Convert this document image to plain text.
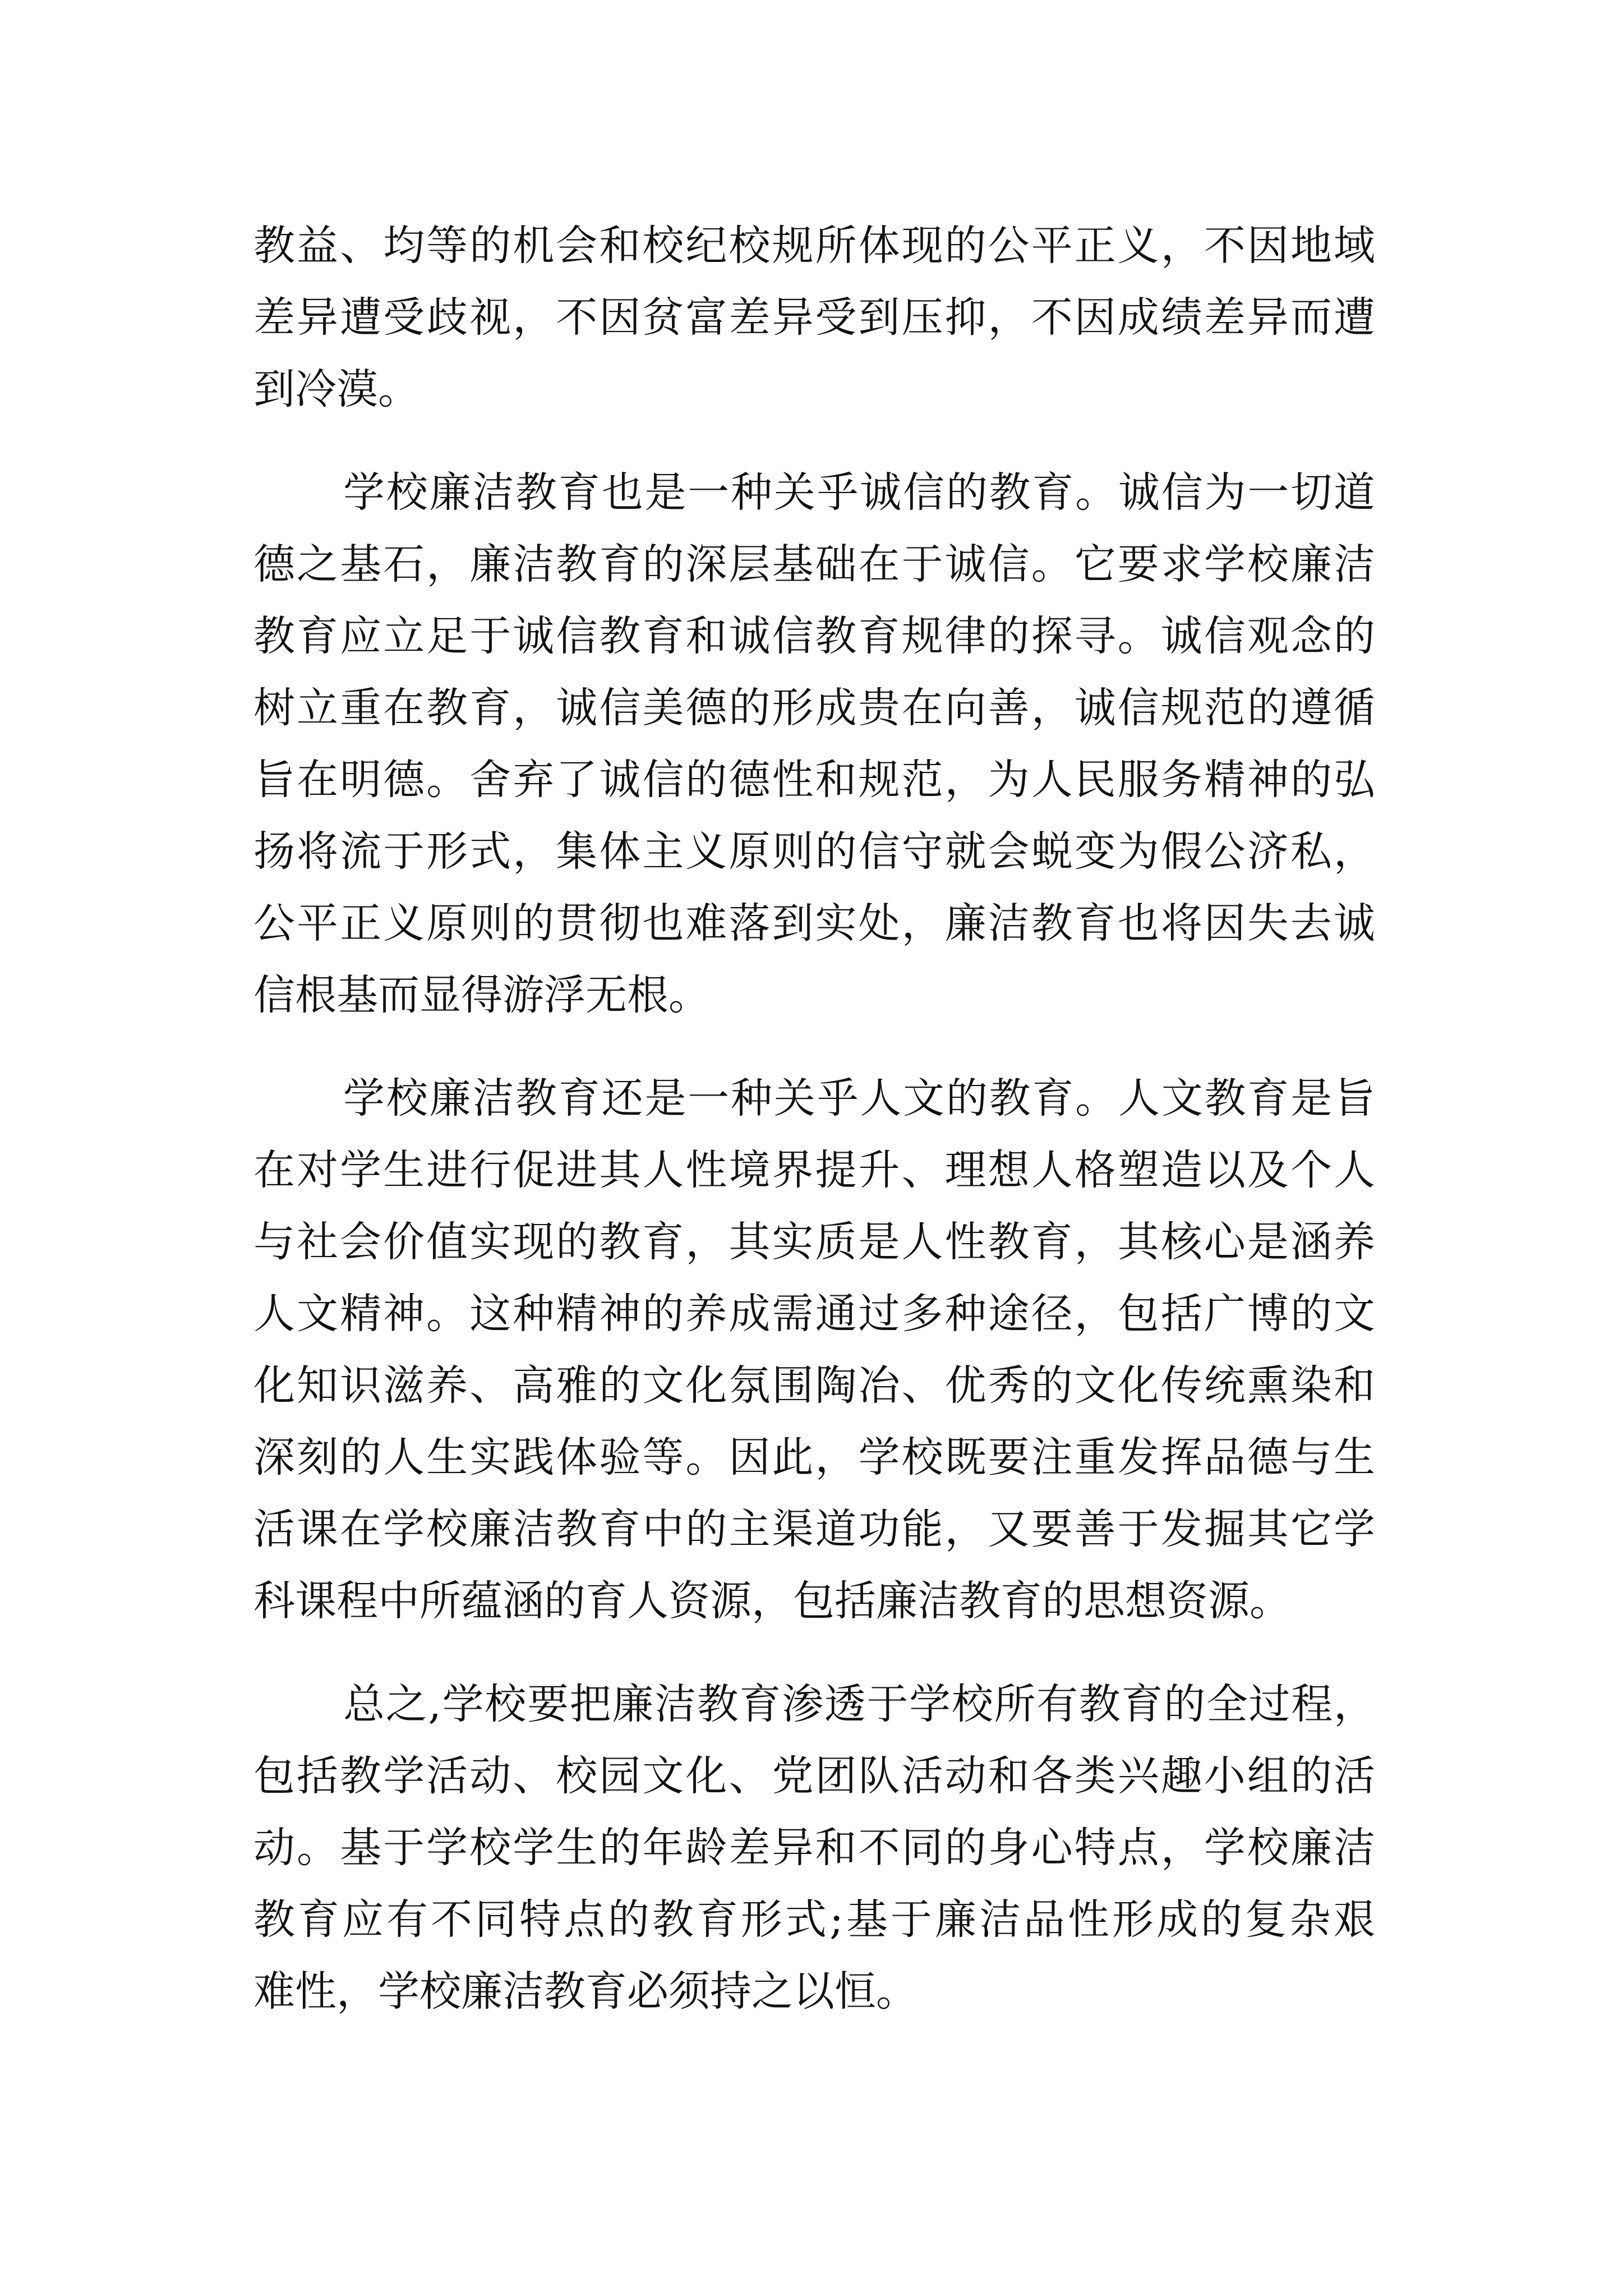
教益、均等的机会和校纪校规所体现的公平正义，不因地域
差异遭受歧视，不因贫富差异受到压抑，不因成绩差异而遭
到冷漠。
学校廉洁教育也是一种关乎诚信的教育。诚信为一切道
德之基石，廉洁教育的深层基础在于诚信。它要求学校廉洁
教育应立足于诚信教育和诚信教育规律的探寻。诚信观念的
树立重在教育，诚信美德的形成贵在向善，诚信规范的遵循
旨在明德。舍弃了诚信的德性和规范，为人民服务精神的弘
扬将流于形式，集体主义原则的信守就会蜕变为假公济私，
公平正义原则的贯彻也难落到实处，廉洁教育也将因失去诚
信根基而显得游浮无根。
学校廉洁教育还是一种关乎人文的教育。人文教育是旨
在对学生进行促进其人性境界提升、理想人格塑造以及个人
与社会价值实现的教育，其实质是人性教育，其核心是涵养
人文精神。这种精神的养成需通过多种途径，包括广博的文
化知识滋养、高雅的文化氛围陶冶、优秀的文化传统熏染和
深刻的人生实践体验等。因此，学校既要注重发挥品德与生
活课在学校廉洁教育中的主渠道功能，又要善于发掘其它学
科课程中所蕴涵的育人资源，包括廉洁教育的思想资源。
总之,学校要把廉洁教育渗透于学校所有教育的全过程，
包括教学活动、校园文化、党团队活动和各类兴趣小组的活
动。基于学校学生的年龄差异和不同的身心特点，学校廉洁
教育应有不同特点的教育形式;基于廉洁品性形成的复杂艰
难性，学校廉洁教育必须持之以恒。
